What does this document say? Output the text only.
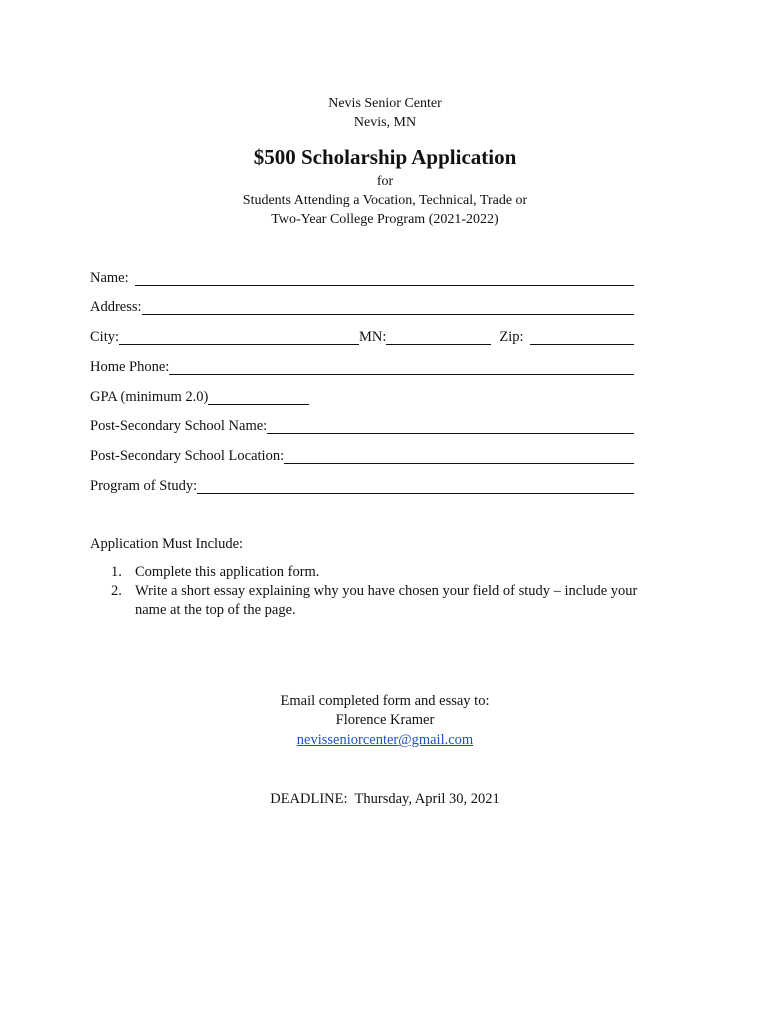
Nevis Senior Center
Nevis, MN
$500 Scholarship Application
for
Students Attending a Vocation, Technical, Trade or
Two-Year College Program (2021-2022)
Name:
Address:
City:	MN:	Zip:
Home Phone:
GPA (minimum 2.0)
Post-Secondary School Name:
Post-Secondary School Location:
Program of Study:
Application Must Include:
1. Complete this application form.
2. Write a short essay explaining why you have chosen your field of study – include your name at the top of the page.
Email completed form and essay to:
Florence Kramer
nevisseniorcenter@gmail.com
DEADLINE:  Thursday, April 30, 2021
